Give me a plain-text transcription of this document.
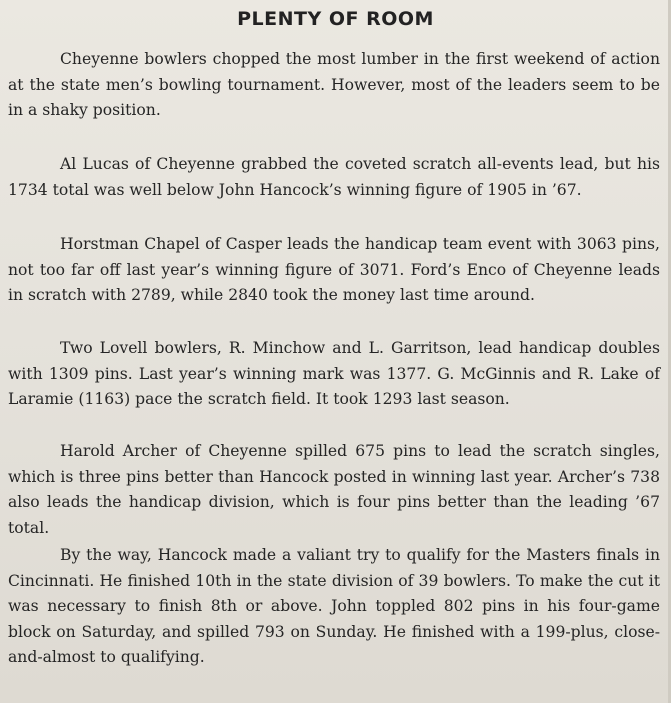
PLENTY OF ROOM

Cheyenne bowlers chopped the most lumber in the first weekend of action at the state men’s bowling tournament. However, most of the leaders seem to be in a shaky position.

Al Lucas of Cheyenne grabbed the coveted scratch all-events lead, but his 1734 total was well below John Hancock’s winning figure of 1905 in ’67.

Horstman Chapel of Casper leads the handicap team event with 3063 pins, not too far off last year’s winning figure of 3071. Ford’s Enco of Cheyenne leads in scratch with 2789, while 2840 took the money last time around.

Two Lovell bowlers, R. Minchow and L. Garritson, lead handicap doubles with 1309 pins. Last year’s winning mark was 1377. G. McGinnis and R. Lake of Laramie (1163) pace the scratch field. It took 1293 last season.

Harold Archer of Cheyenne spilled 675 pins to lead the scratch singles, which is three pins better than Hancock posted in winning last year. Archer’s 738 also leads the handicap division, which is four pins better than the leading ’67 total.

By the way, Hancock made a valiant try to qualify for the Masters finals in Cincinnati. He finished 10th in the state division of 39 bowlers. To make the cut it was necessary to finish 8th or above. John toppled 802 pins in his four-game block on Saturday, and spilled 793 on Sunday. He finished with a 199-plus, close-and-almost to qualifying.
